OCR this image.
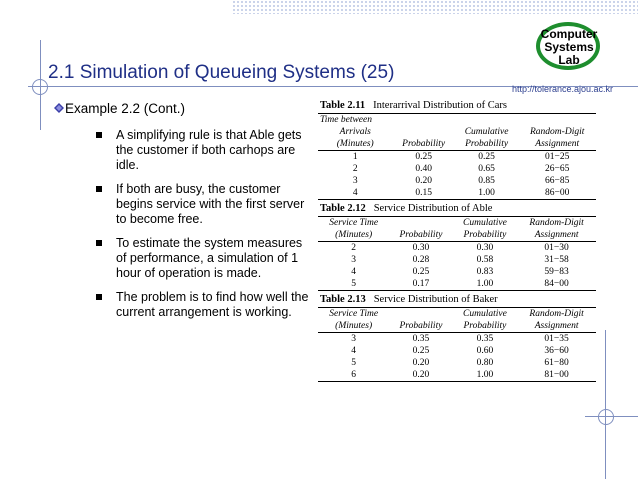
Computer
Systems
Lab
2.1 Simulation of Queueing Systems (25)
http://tolerance.ajou.ac.kr
Example 2.2 (Cont.)
A simplifying rule is that Able gets the customer if both carhops are idle.
If both are busy, the customer begins service with the first server to become free.
To estimate the system measures of performance, a simulation of 1 hour of operation is made.
The problem is to find how well the current arrangement is working.
Table 2.11 Interarrival Distribution of Cars
Time between			
Arrivals		Cumulative	Random-Digit
(Minutes)	Probability	Probability	Assignment
1	0.25	0.25	01−25
2	0.40	0.65	26−65
3	0.20	0.85	66−85
4	0.15	1.00	86−00
Table 2.12 Service Distribution of Able
Service Time		Cumulative	Random-Digit
(Minutes)	Probability	Probability	Assignment
2	0.30	0.30	01−30
3	0.28	0.58	31−58
4	0.25	0.83	59−83
5	0.17	1.00	84−00
Table 2.13 Service Distribution of Baker
Service Time		Cumulative	Random-Digit
(Minutes)	Probability	Probability	Assignment
3	0.35	0.35	01−35
4	0.25	0.60	36−60
5	0.20	0.80	61−80
6	0.20	1.00	81−00
